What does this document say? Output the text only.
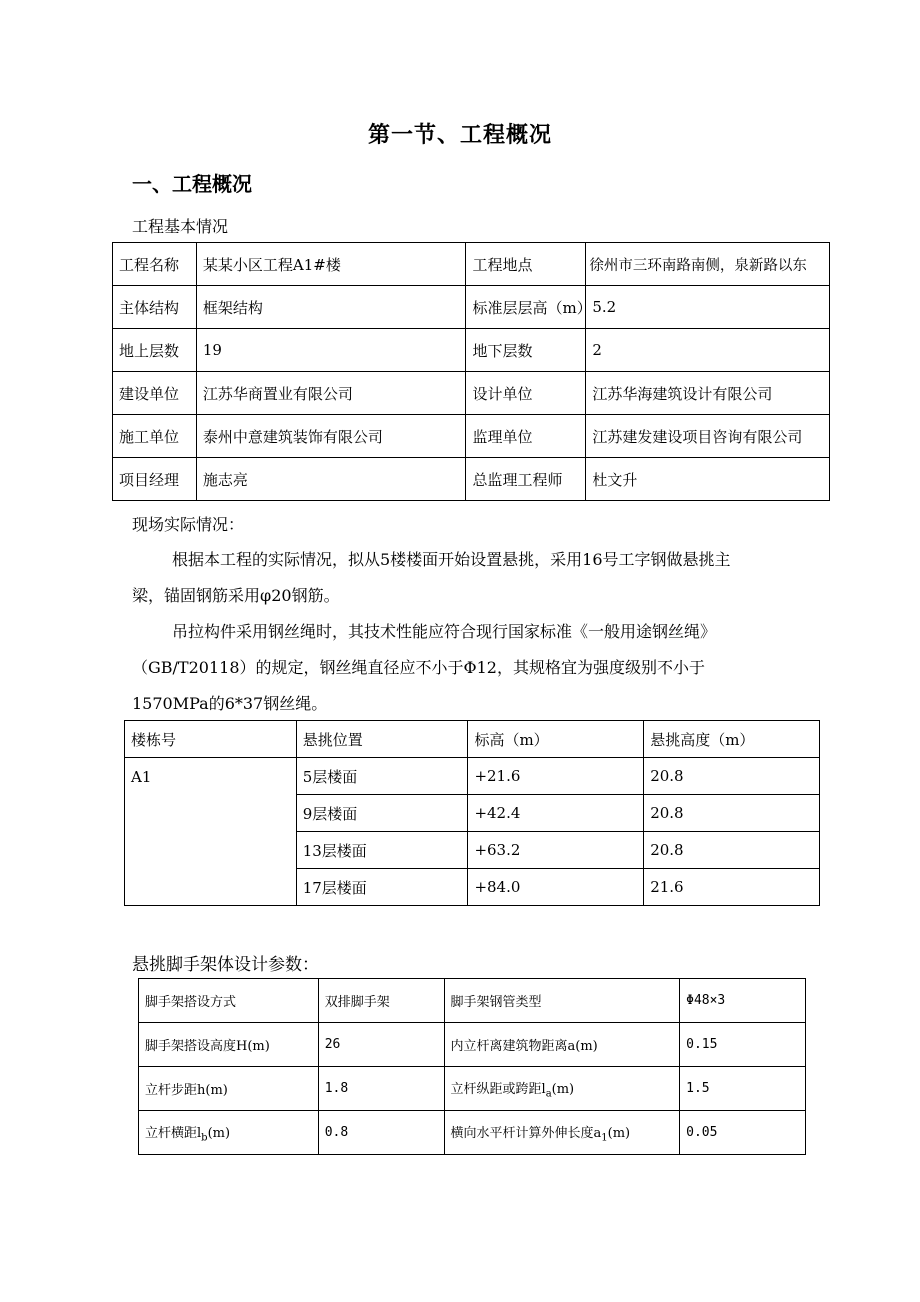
第一节、工程概况
一、工程概况
工程基本情况
工程名称	某某小区工程A1#楼	工程地点	徐州市三环南路南侧，泉新路以东
主体结构	框架结构	标准层层高（m）	5.2
地上层数	19	地下层数	2
建设单位	江苏华商置业有限公司	设计单位	江苏华海建筑设计有限公司
施工单位	泰州中意建筑装饰有限公司	监理单位	江苏建发建设项目咨询有限公司
项目经理	施志亮	总监理工程师	杜文升
现场实际情况：
根据本工程的实际情况，拟从5楼楼面开始设置悬挑，采用16号工字钢做悬挑主
梁，锚固钢筋采用φ20钢筋。
吊拉构件采用钢丝绳时，其技术性能应符合现行国家标准《一般用途钢丝绳》
（GB/T20118）的规定，钢丝绳直径应不小于Φ12，其规格宜为强度级别不小于
1570MPa的6*37钢丝绳。
楼栋号	悬挑位置	标高（m）	悬挑高度（m）
A1	5层楼面	+21.6	20.8
	9层楼面	+42.4	20.8
	13层楼面	+63.2	20.8
	17层楼面	+84.0	21.6
悬挑脚手架体设计参数：
脚手架搭设方式	双排脚手架	脚手架钢管类型	Φ48×3
脚手架搭设高度H(m)	26	内立杆离建筑物距离a(m)	0.15
立杆步距h(m)	1.8	立杆纵距或跨距$l_a(m)$	1.5
立杆横距$l_b(m)$	0.8	横向水平杆计算外伸长度$a_1(m)$	0.05
